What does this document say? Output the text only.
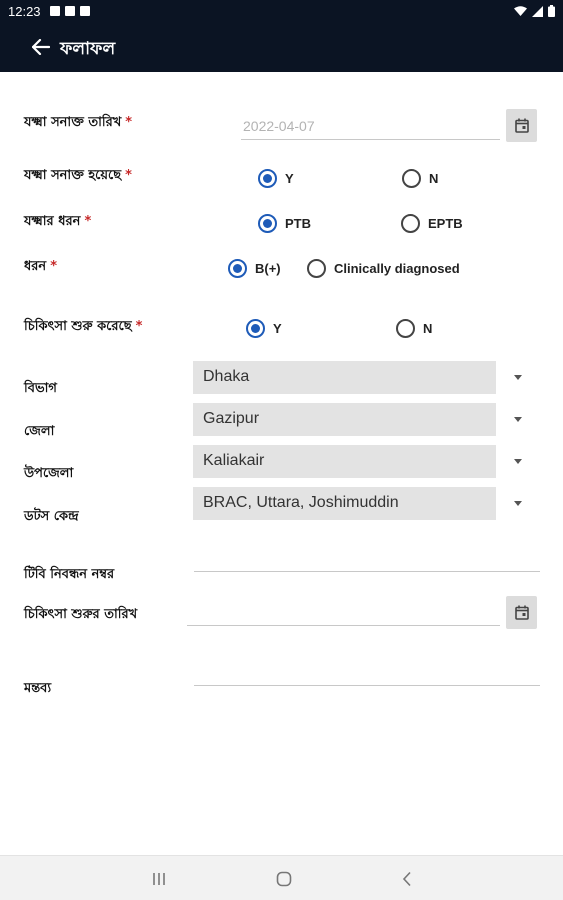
12:23
ফলাফল
যক্ষ্মা সনাক্ত তারিখ *	2022-04-07
যক্ষ্মা সনাক্ত হয়েছে *	Y	N
যক্ষ্মার ধরন *	PTB	EPTB
ধরন *	B(+)	Clinically diagnosed
চিকিৎসা শুরু করেছে *	Y	N
বিভাগ
Dhaka
জেলা
Gazipur
উপজেলা
Kaliakair
ডটস কেন্দ্র
BRAC, Uttara, Joshimuddin
টিবি নিবন্ধন নম্বর
চিকিৎসা শুরুর তারিখ
মন্তব্য
